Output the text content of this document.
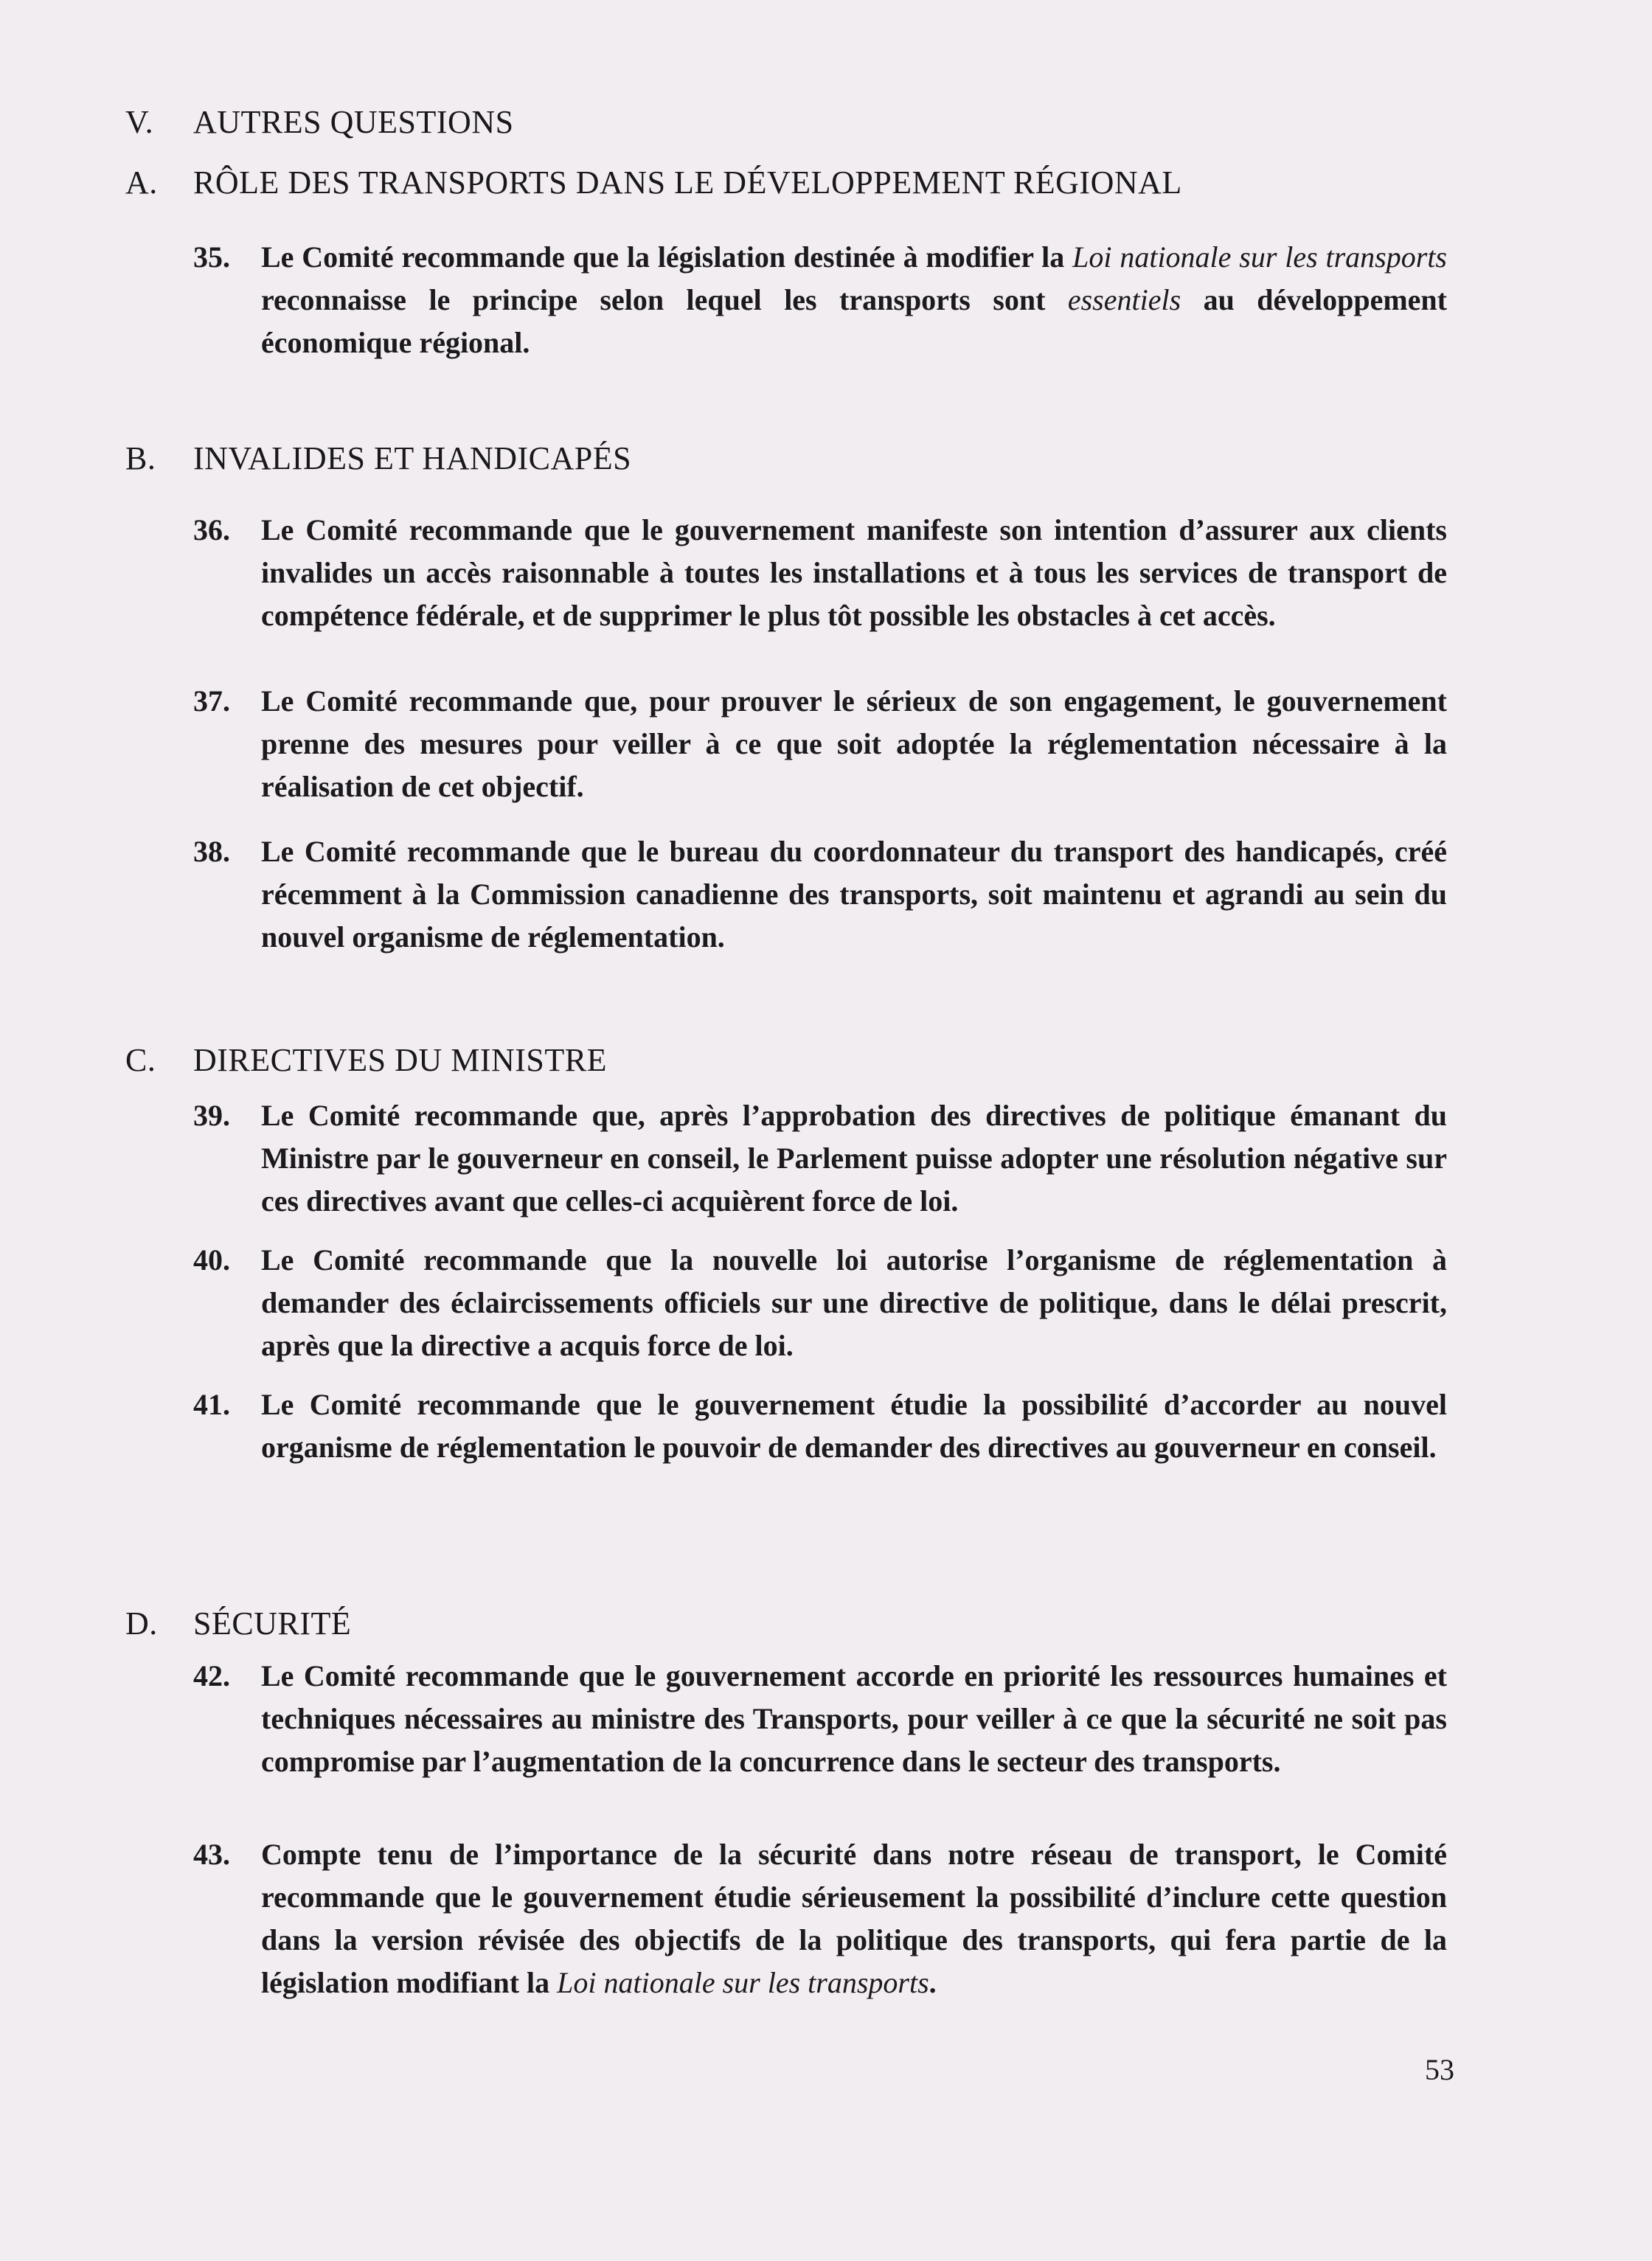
V. AUTRES QUESTIONS
A. RÔLE DES TRANSPORTS DANS LE DÉVELOPPEMENT RÉGIONAL
35. Le Comité recommande que la législation destinée à modifier la Loi nationale sur les transports reconnaisse le principe selon lequel les transports sont essentiels au développement économique régional.
B. INVALIDES ET HANDICAPÉS
36. Le Comité recommande que le gouvernement manifeste son intention d’assurer aux clients invalides un accès raisonnable à toutes les installations et à tous les services de transport de compétence fédérale, et de supprimer le plus tôt possible les obstacles à cet accès.
37. Le Comité recommande que, pour prouver le sérieux de son engagement, le gouvernement prenne des mesures pour veiller à ce que soit adoptée la réglementation nécessaire à la réalisation de cet objectif.
38. Le Comité recommande que le bureau du coordonnateur du transport des handicapés, créé récemment à la Commission canadienne des transports, soit maintenu et agrandi au sein du nouvel organisme de réglementation.
C. DIRECTIVES DU MINISTRE
39. Le Comité recommande que, après l’approbation des directives de politique émanant du Ministre par le gouverneur en conseil, le Parlement puisse adopter une résolution négative sur ces directives avant que celles-ci acquièrent force de loi.
40. Le Comité recommande que la nouvelle loi autorise l’organisme de réglementation à demander des éclaircissements officiels sur une directive de politique, dans le délai prescrit, après que la directive a acquis force de loi.
41. Le Comité recommande que le gouvernement étudie la possibilité d’accorder au nouvel organisme de réglementation le pouvoir de demander des directives au gouverneur en conseil.
D. SÉCURITÉ
42. Le Comité recommande que le gouvernement accorde en priorité les ressources humaines et techniques nécessaires au ministre des Transports, pour veiller à ce que la sécurité ne soit pas compromise par l’augmentation de la concurrence dans le secteur des transports.
43. Compte tenu de l’importance de la sécurité dans notre réseau de transport, le Comité recommande que le gouvernement étudie sérieusement la possibilité d’inclure cette question dans la version révisée des objectifs de la politique des transports, qui fera partie de la législation modifiant la Loi nationale sur les transports.
53
